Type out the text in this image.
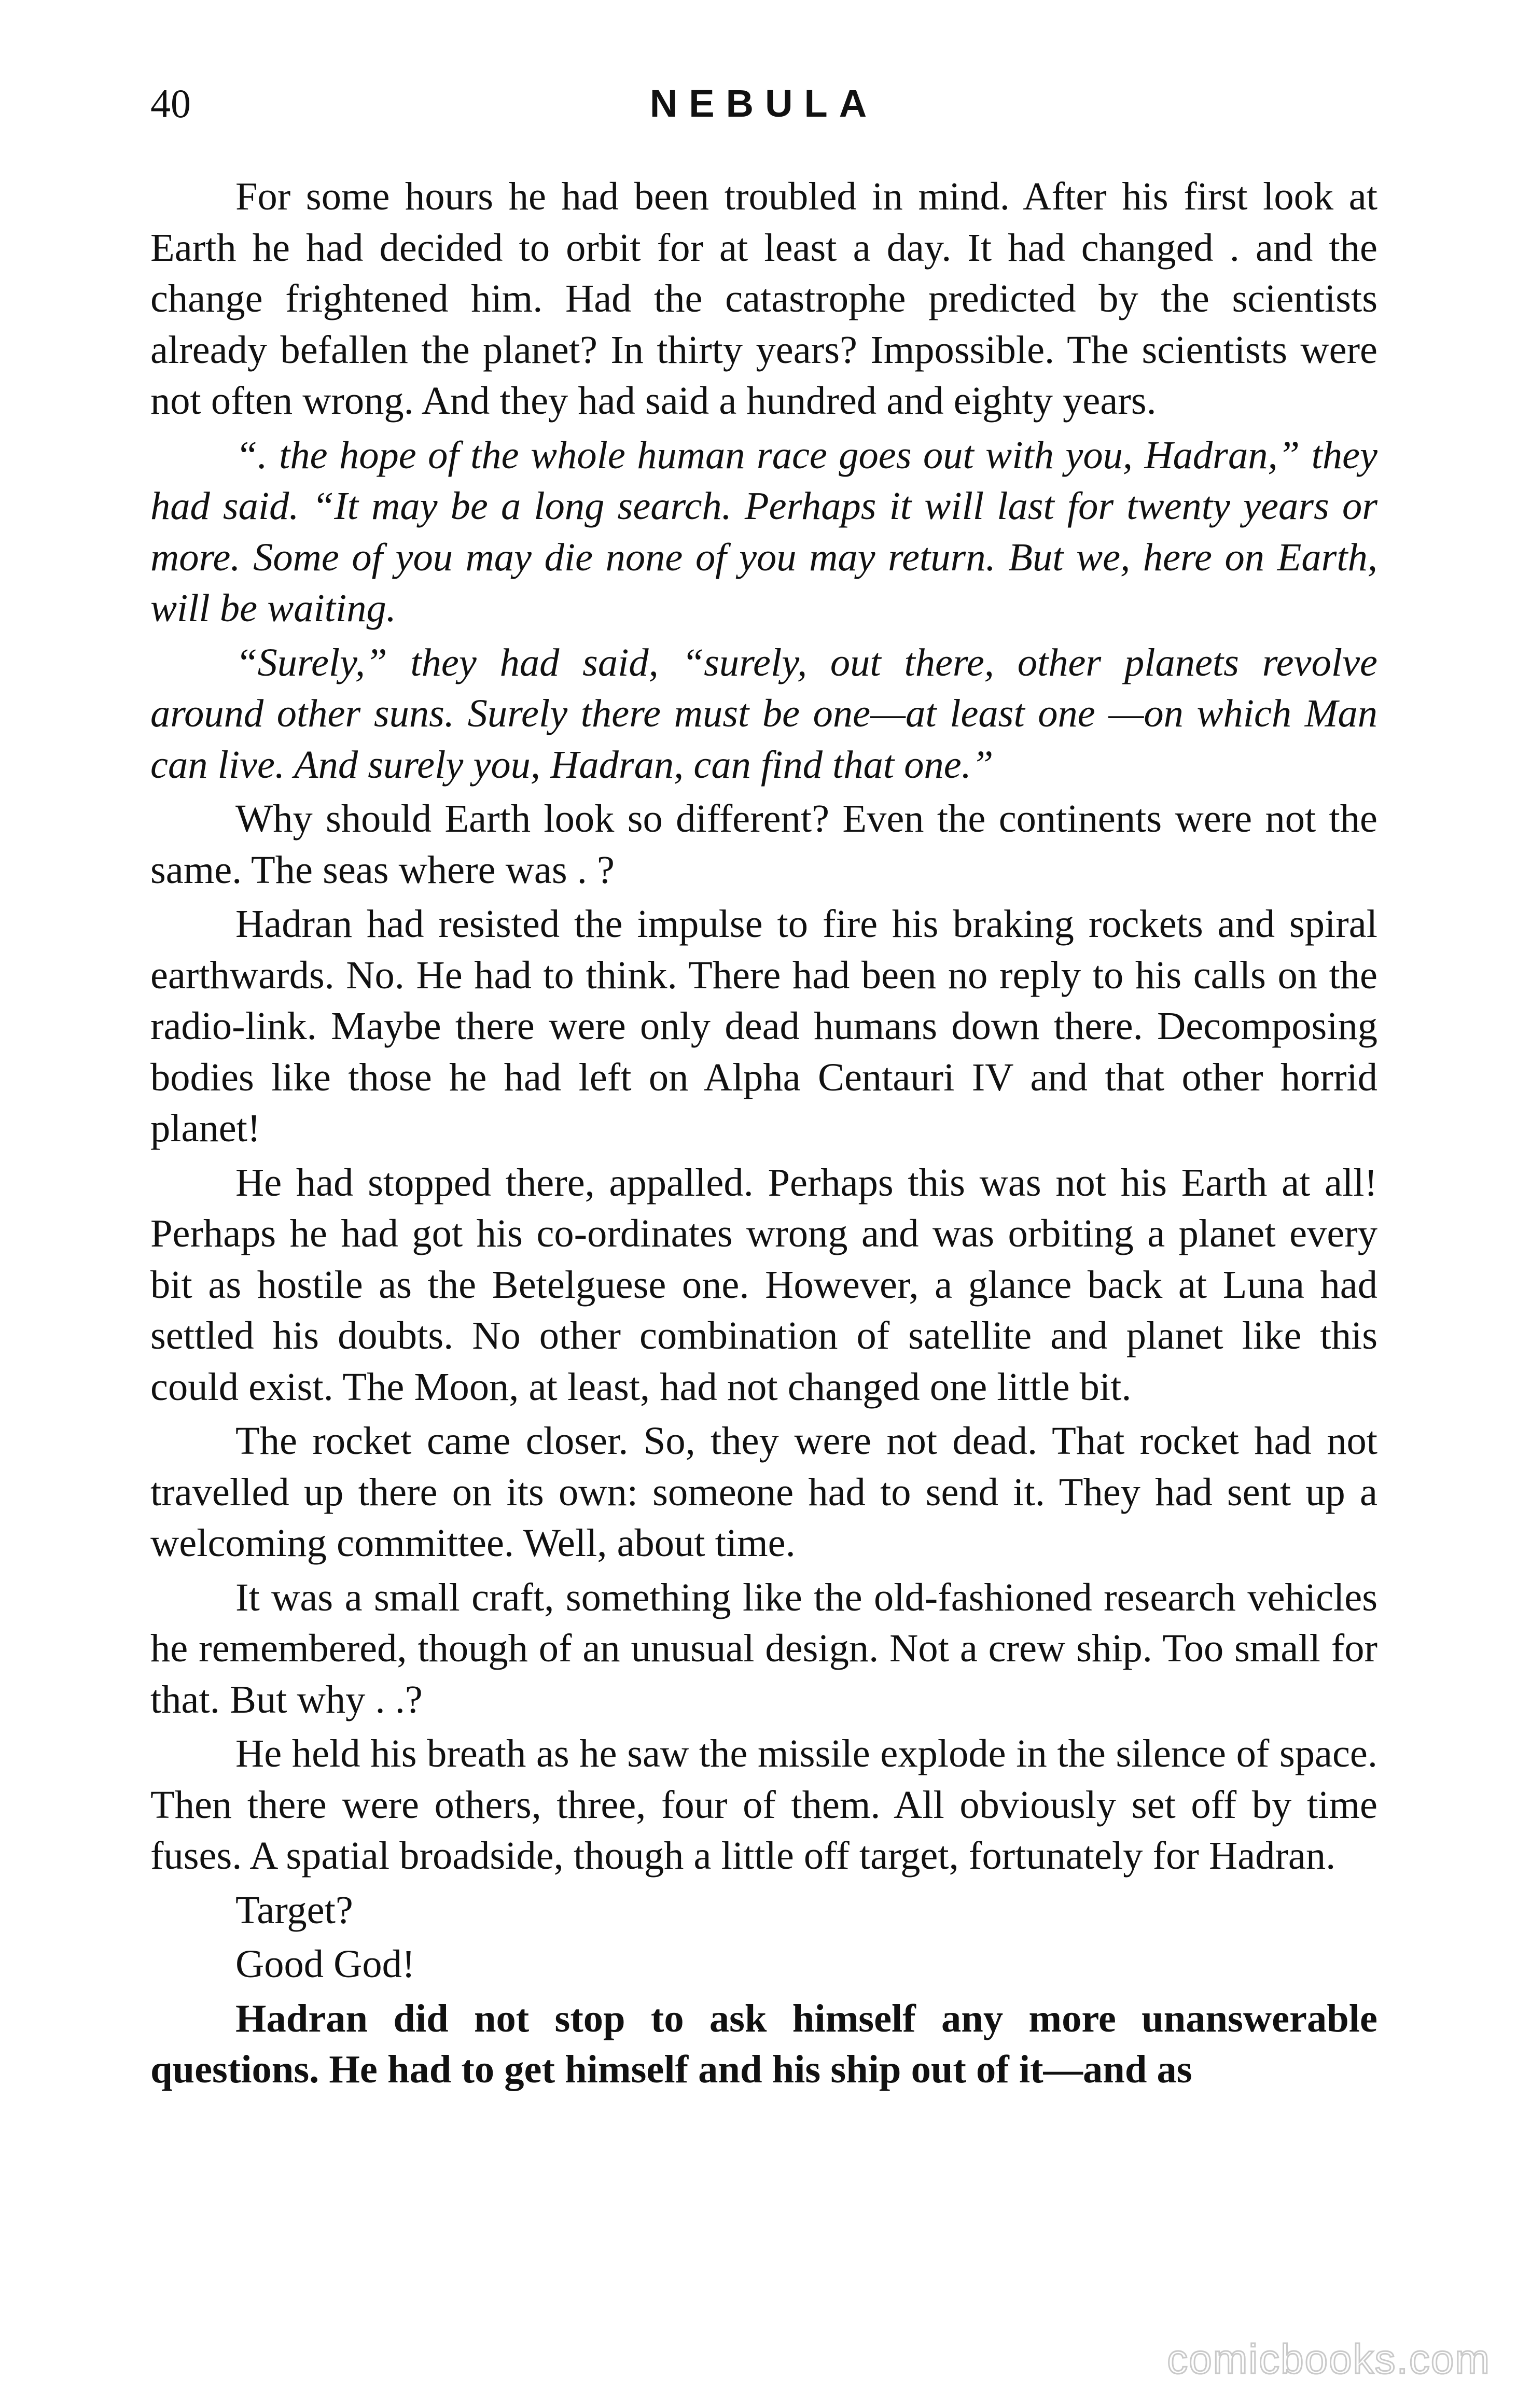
40	NEBULA

For some hours he had been troubled in mind. After his first look at Earth he had decided to orbit for at least a day. It had changed . and the change frightened him. Had the catastrophe predicted by the scientists already befallen the planet? In thirty years? Impossible. The scientists were not often wrong. And they had said a hundred and eighty years.

“. the hope of the whole human race goes out with you, Hadran,” they had said. “It may be a long search. Perhaps it will last for twenty years or more. Some of you may die none of you may return. But we, here on Earth, will be waiting.

“Surely,” they had said, “surely, out there, other planets revolve around other suns. Surely there must be one—at least one —on which Man can live. And surely you, Hadran, can find that one.”

Why should Earth look so different? Even the continents were not the same. The seas where was . ?

Hadran had resisted the impulse to fire his braking rockets and spiral earthwards. No. He had to think. There had been no reply to his calls on the radio-link. Maybe there were only dead humans down there. Decomposing bodies like those he had left on Alpha Centauri IV and that other horrid planet!

He had stopped there, appalled. Perhaps this was not his Earth at all! Perhaps he had got his co-ordinates wrong and was orbiting a planet every bit as hostile as the Betelguese one. However, a glance back at Luna had settled his doubts. No other combination of satellite and planet like this could exist. The Moon, at least, had not changed one little bit.

The rocket came closer. So, they were not dead. That rocket had not travelled up there on its own: someone had to send it. They had sent up a welcoming committee. Well, about time.

It was a small craft, something like the old-fashioned research vehicles he remembered, though of an unusual design. Not a crew ship. Too small for that. But why . .?

He held his breath as he saw the missile explode in the silence of space. Then there were others, three, four of them. All obviously set off by time fuses. A spatial broadside, though a little off target, fortunately for Hadran.

Target?

Good God!

Hadran did not stop to ask himself any more unanswerable questions. He had to get himself and his ship out of it—and as

comicbooks.com
